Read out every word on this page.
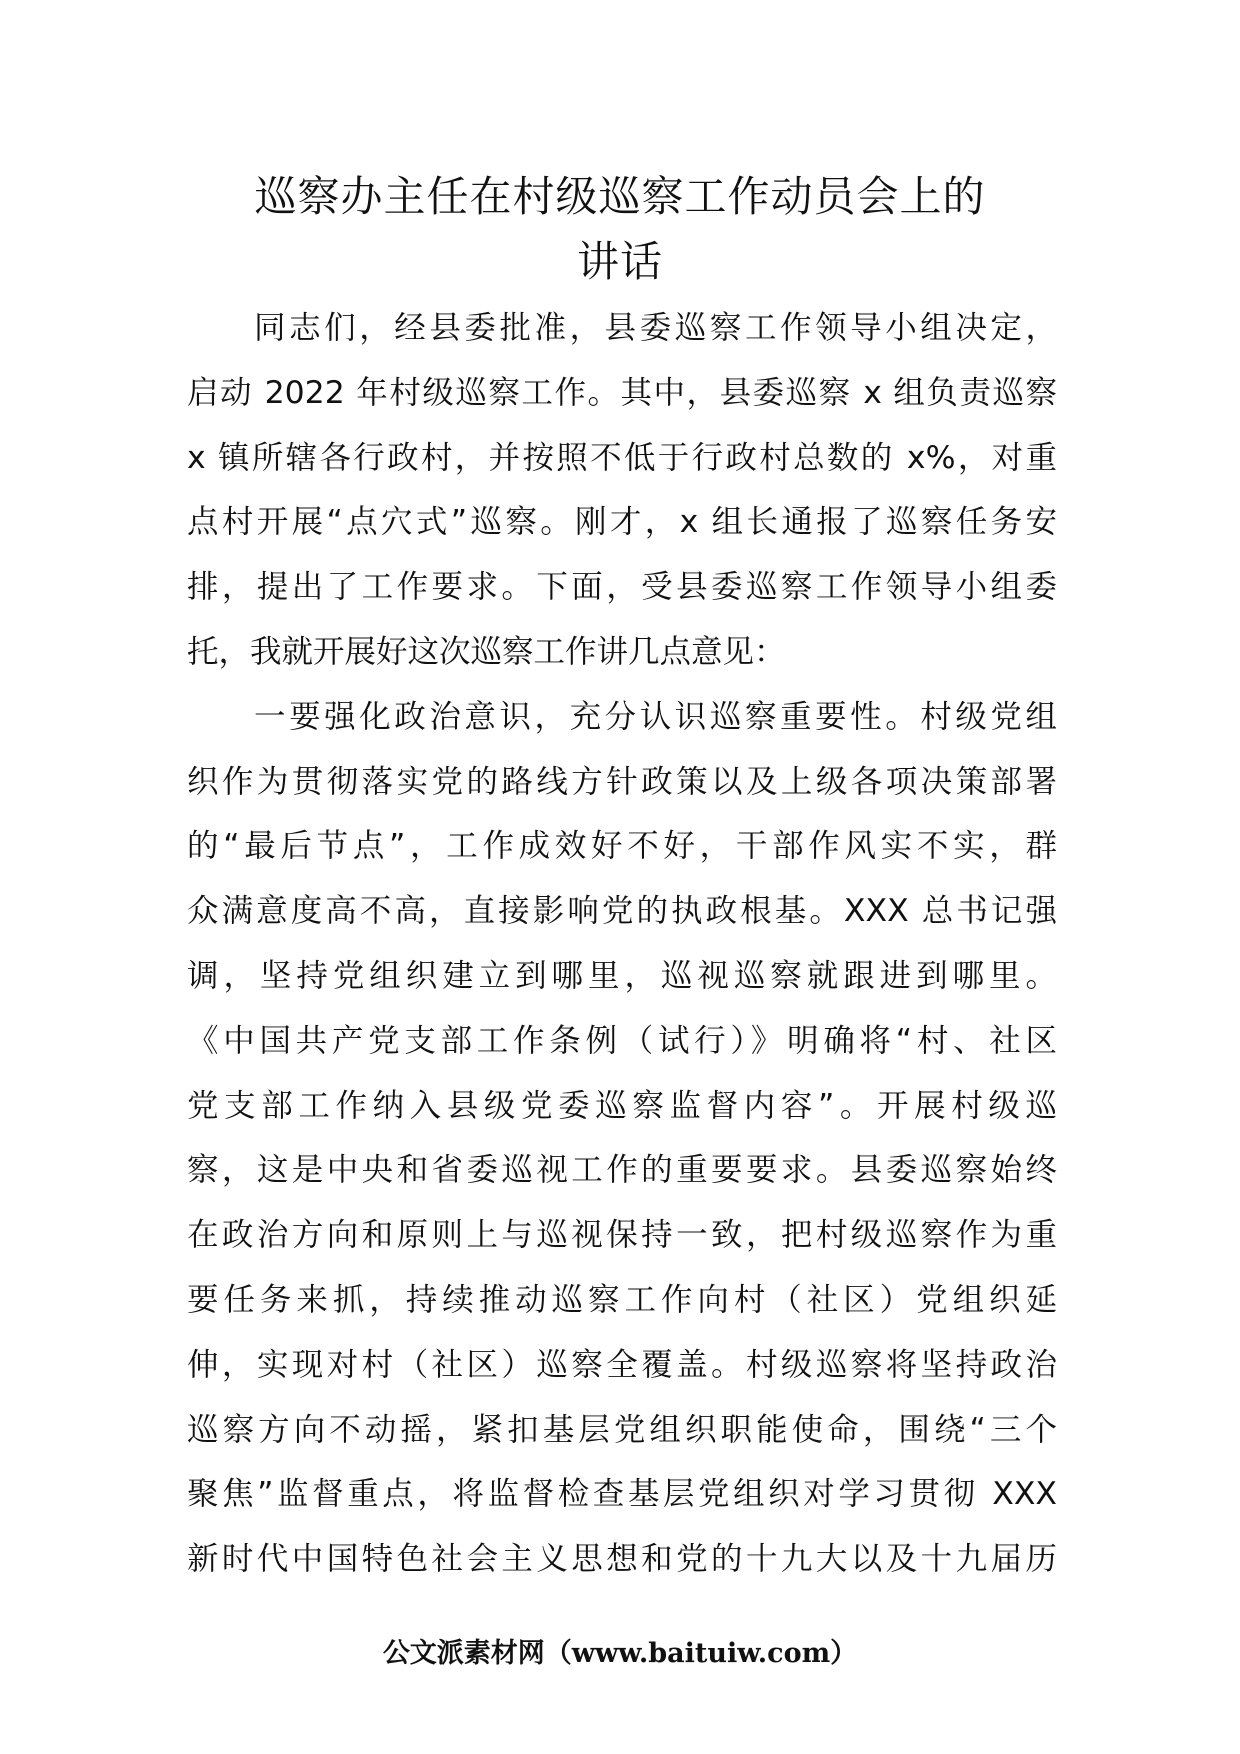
巡察办主任在村级巡察工作动员会上的
讲话
同志们，经县委批准，县委巡察工作领导小组决定，
启动 2022 年村级巡察工作。其中，县委巡察 x 组负责巡察
x 镇所辖各行政村，并按照不低于行政村总数的 x%，对重
点村开展“点穴式”巡察。刚才，x 组长通报了巡察任务安
排，提出了工作要求。下面，受县委巡察工作领导小组委
托，我就开展好这次巡察工作讲几点意见：
一要强化政治意识，充分认识巡察重要性。村级党组
织作为贯彻落实党的路线方针政策以及上级各项决策部署
的“最后节点”，工作成效好不好，干部作风实不实，群
众满意度高不高，直接影响党的执政根基。XXX 总书记强
调，坚持党组织建立到哪里，巡视巡察就跟进到哪里。
《中国共产党支部工作条例（试行）》明确将“村、社区
党支部工作纳入县级党委巡察监督内容”。开展村级巡
察，这是中央和省委巡视工作的重要要求。县委巡察始终
在政治方向和原则上与巡视保持一致，把村级巡察作为重
要任务来抓，持续推动巡察工作向村（社区）党组织延
伸，实现对村（社区）巡察全覆盖。村级巡察将坚持政治
巡察方向不动摇，紧扣基层党组织职能使命，围绕“三个
聚焦”监督重点，将监督检查基层党组织对学习贯彻 XXX
新时代中国特色社会主义思想和党的十九大以及十九届历
公文派素材网（www.baituiw.com）
